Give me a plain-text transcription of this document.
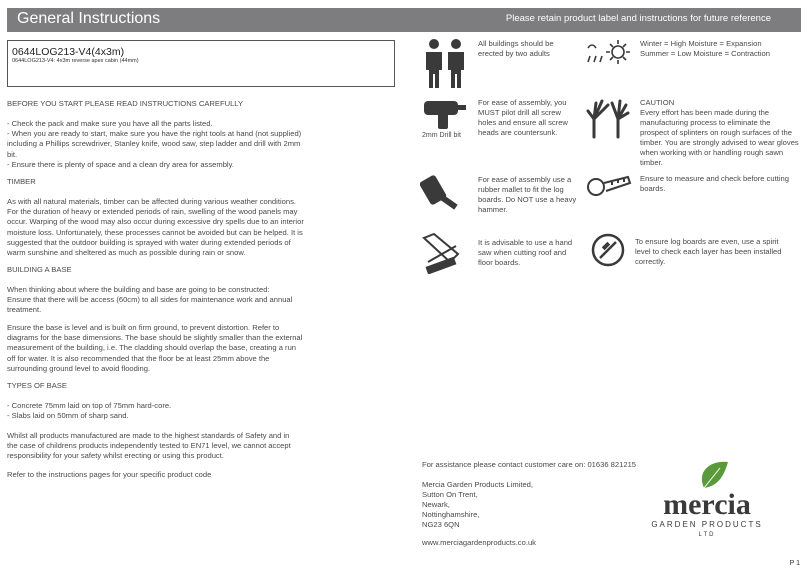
General Instructions	Please retain product label and instructions for future reference
0644LOG213-V4(4x3m)
0644LOG213-V4: 4x3m reverse apex cabin (44mm)
BEFORE YOU START PLEASE READ INSTRUCTIONS CAREFULLY
- Check the pack and make sure you have all the parts listed.
- When you are ready to start, make sure you have the right tools at hand (not supplied)
including a Phillips screwdriver, Stanley knife, wood saw, step ladder and drill with 2mm
bit.
- Ensure there is plenty of space and a clean dry area for assembly.
TIMBER
As with all natural materials, timber can be affected during various weather conditions.
For the duration of heavy or extended periods of rain, swelling of the wood panels may
occur. Warping of the wood may also occur during excessive dry spells due to an interior
moisture loss. Unfortunately, these processes cannot be avoided but can be helped. It is
suggested that the outdoor building is sprayed with water during extended periods of
warm sunshine and sheltered as much as possible during rain or snow.
BUILDING A BASE
When thinking about where the building and base are going to be constructed:
Ensure that there will be access (60cm) to all sides for maintenance work and annual
treatment.
Ensure the base is level and is built on firm ground, to prevent distortion. Refer to
diagrams for the base dimensions. The base should be slightly smaller than the external
measurement of the building, i.e. The cladding should overlap the base, creating a run
off for water. It is also recommended that the floor be at least 25mm above the
surrounding ground level to avoid flooding.
TYPES OF BASE
- Concrete 75mm laid on top of 75mm hard-core.
- Slabs laid on 50mm of sharp sand.
Whilst all products manufactured are made to the highest standards of Safety and in
the case of childrens products independently tested to EN71 level, we cannot accept
responsibility for your safety whilst erecting or using this product.
Refer to the instructions pages for your specific product code
All buildings should be
erected by two adults
2mm Drill bit
For ease of assembly, you
MUST pilot drill all screw
holes and ensure all screw
heads are countersunk.
For ease of assembly use a
rubber mallet to fit the log
boards. Do NOT use a heavy
hammer.
It is advisable to use a hand
saw when cutting roof and
floor boards.
Winter = High Moisture = Expansion
Summer = Low Moisture = Contraction
CAUTION
Every effort has been made during the
manufacturing process to eliminate the
prospect of splinters on rough surfaces of the
timber. You are strongly advised to wear gloves
when working with or handling rough sawn
timber.
Ensure to measure and check before cutting
boards.
To ensure log boards are even, use a spirit
level to check each layer has been installed
correctly.
For assistance please contact customer care on: 01636 821215
Mercia Garden Products Limited,
Sutton On Trent,
Newark,
Nottinghamshire,
NG23 6QN
www.merciagardenproducts.co.uk
mercia
GARDEN PRODUCTS
LTD
P 1
